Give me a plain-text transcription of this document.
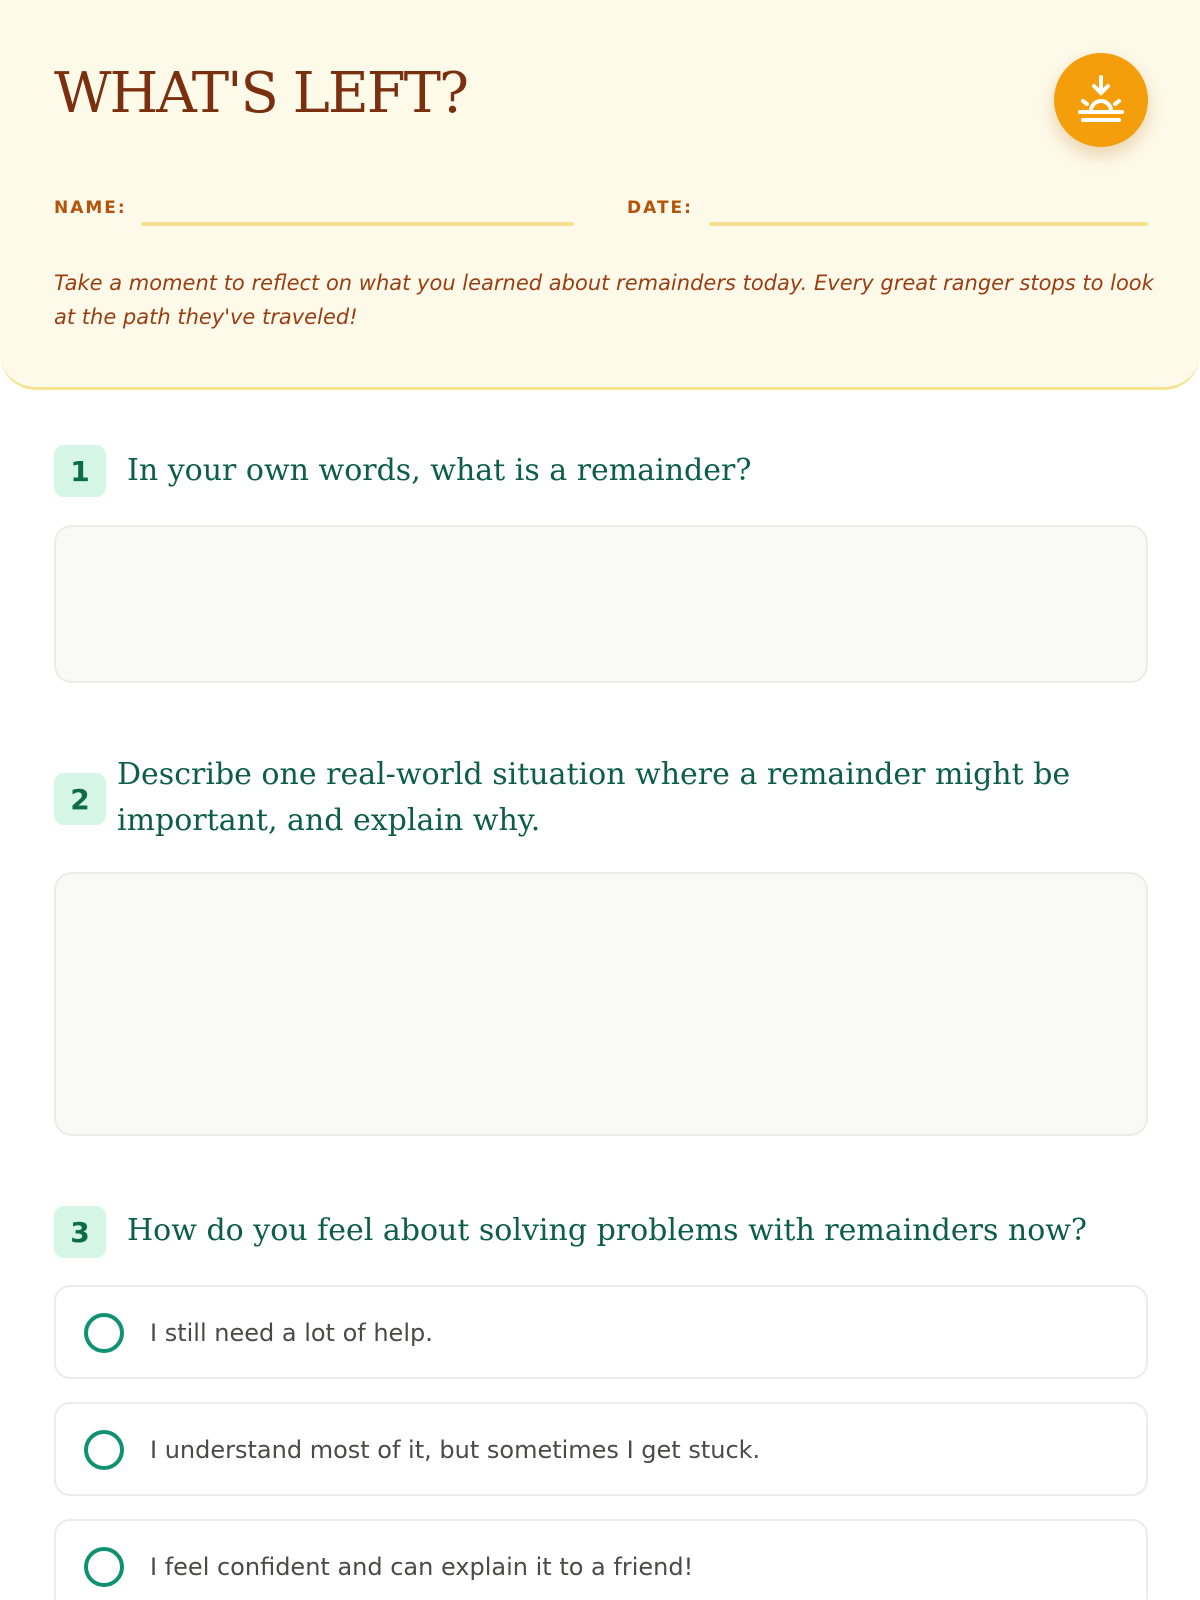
WHAT'S LEFT?
NAME:	DATE:

Take a moment to reflect on what you learned about remainders today. Every great ranger stops to look at the path they've traveled!

1	In your own words, what is a remainder?
2
Describe one real-world situation where a remainder might be important, and explain why.
3	How do you feel about solving problems with remainders now?
I still need a lot of help.
I understand most of it, but sometimes I get stuck.
I feel confident and can explain it to a friend!
